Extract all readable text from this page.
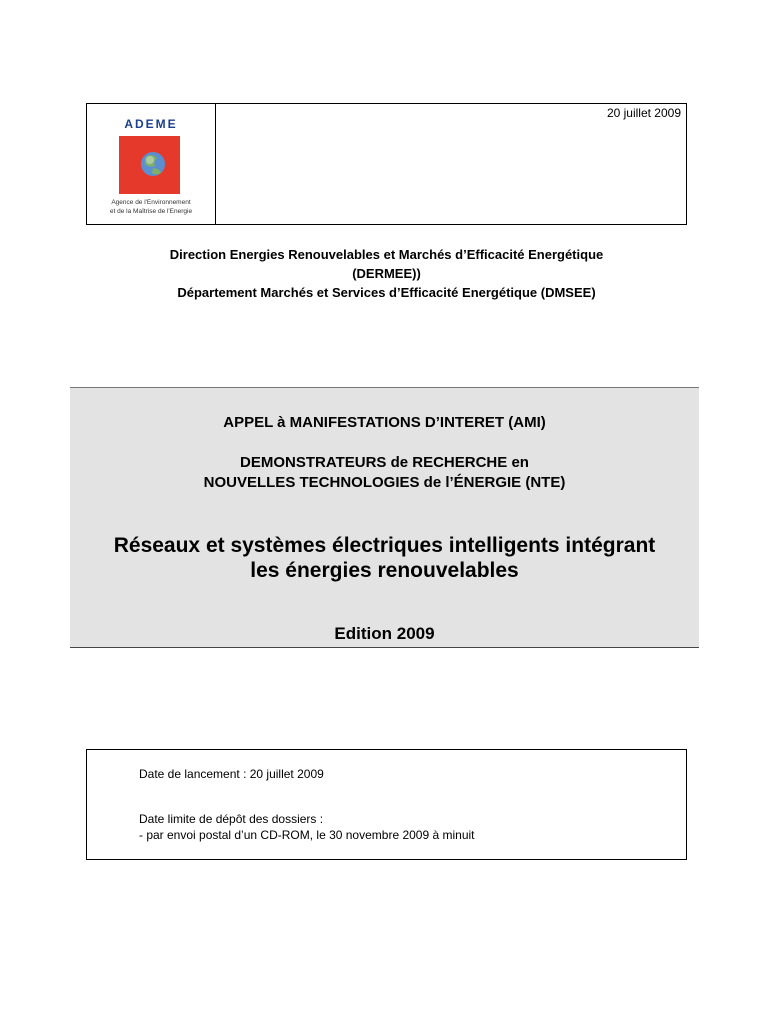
ADEME
Agence de l'Environnement
et de la Maîtrise de l'Energie
20 juillet 2009
Direction Energies Renouvelables et Marchés d’Efficacité Energétique
(DERMEE))
Département Marchés et Services d’Efficacité Energétique (DMSEE)
APPEL à MANIFESTATIONS D’INTERET (AMI)
DEMONSTRATEURS de RECHERCHE en
NOUVELLES TECHNOLOGIES de l’ÉNERGIE (NTE)
Réseaux et systèmes électriques intelligents intégrant
les énergies renouvelables
Edition 2009
Date de lancement : 20 juillet 2009
Date limite de dépôt des dossiers :
- par envoi postal d’un CD-ROM, le 30 novembre 2009 à minuit
